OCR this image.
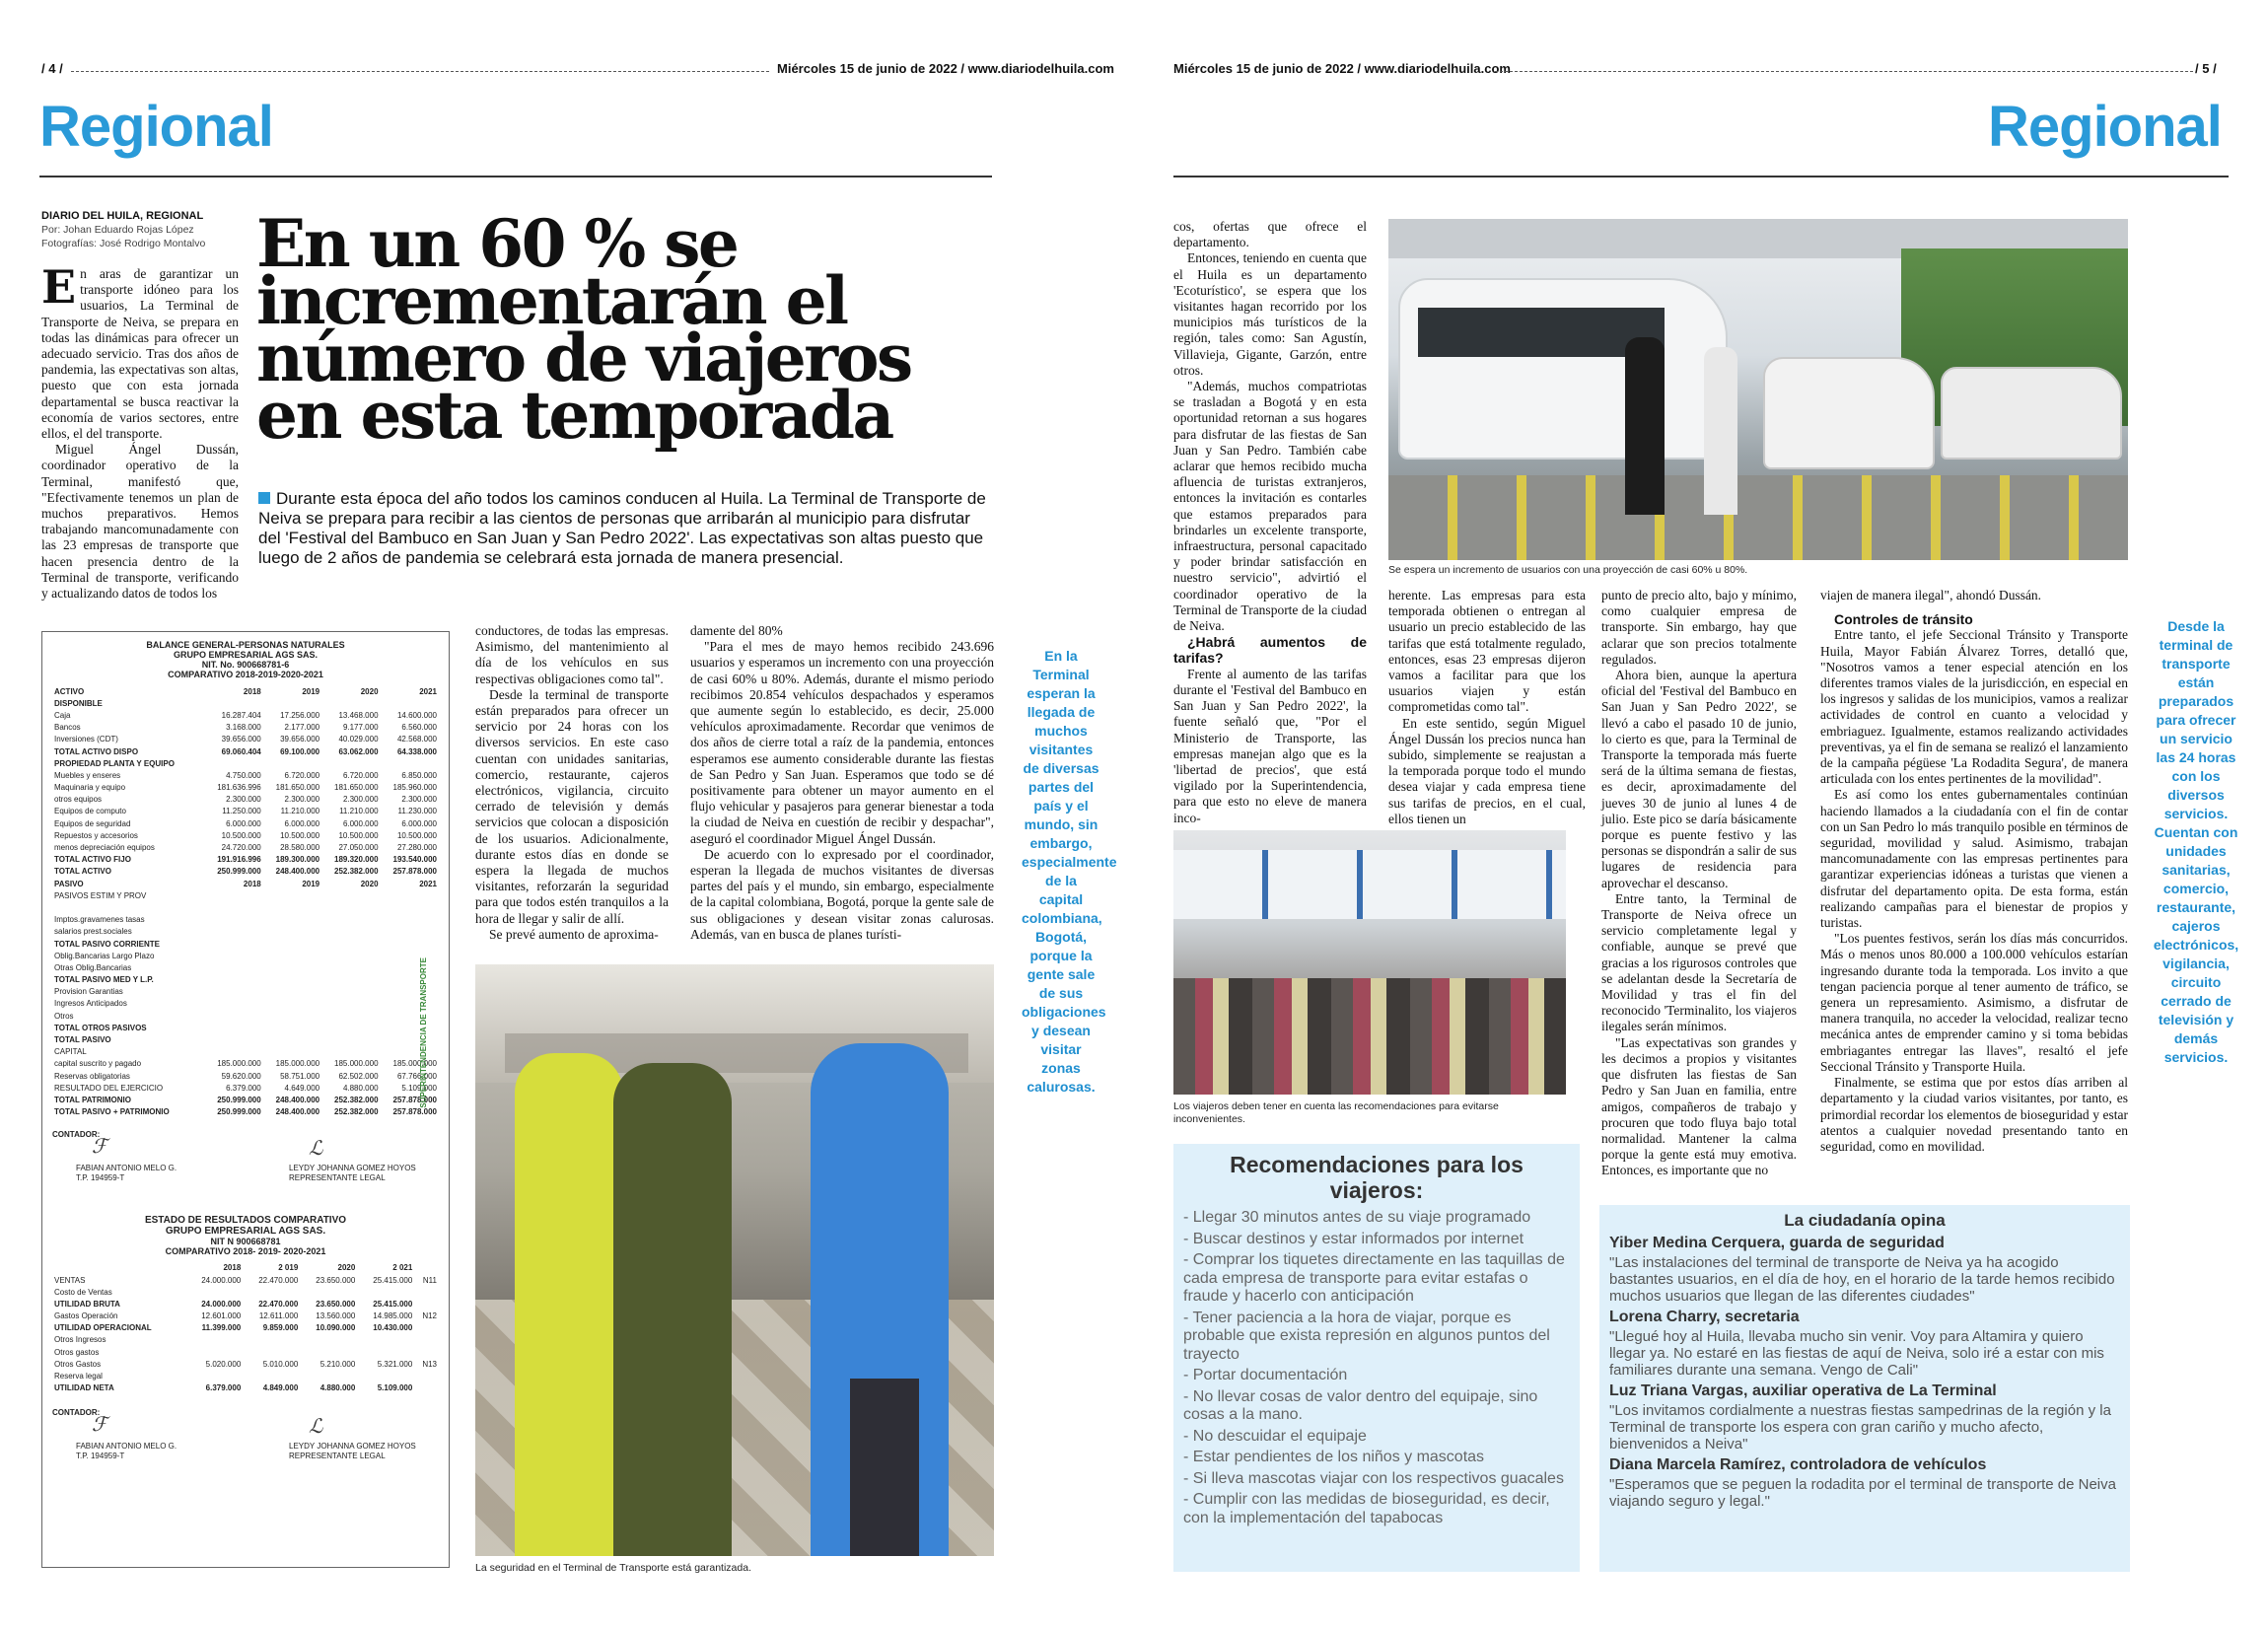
/ 4 /	Miércoles 15 de junio de 2022 / www.diariodelhuila.com
Regional
DIARIO DEL HUILA, REGIONAL
Por: Johan Eduardo Rojas López
Fotografías: José Rodrigo Montalvo

En aras de garantizar un transporte idóneo para los usuarios, La Terminal de Transporte de Neiva, se prepara en todas las dinámicas para ofrecer un adecuado servicio. Tras dos años de pandemia, las expectativas son altas, puesto que con esta jornada departamental se busca reactivar la economía de varios sectores, entre ellos, el del transporte.

Miguel Ángel Dussán, coordinador operativo de la Terminal, manifestó que, "Efectivamente tenemos un plan de muchos preparativos. Hemos trabajando mancomunadamente con las 23 empresas de transporte que hacen presencia dentro de la Terminal de transporte, verificando y actualizando datos de todos los

En un 60 % se incrementarán el número de viajeros en esta temporada
Durante esta época del año todos los caminos conducen al Huila. La Terminal de Transporte de Neiva se prepara para recibir a las cientos de personas que arribarán al municipio para disfrutar del 'Festival del Bambuco en San Juan y San Pedro 2022'. Las expectativas son altas puesto que luego de 2 años de pandemia se celebrará esta jornada de manera presencial.
BALANCE GENERAL-PERSONAS NATURALES
GRUPO EMPRESARIAL AGS SAS.
NIT. No. 900668781-6
COMPARATIVO 2018-2019-2020-2021
ACTIVO	2018	2019	2020	2021
DISPONIBLE				
Caja	16.287.404	17.256.000	13.468.000	14.600.000
Bancos	3.168.000	2.177.000	9.177.000	6.560.000
Inversiones (CDT)	39.656.000	39.656.000	40.029.000	42.568.000
TOTAL ACTIVO DISPO	69.060.404	69.100.000	63.062.000	64.338.000
PROPIEDAD PLANTA Y EQUIPO				
Muebles y enseres	4.750.000	6.720.000	6.720.000	6.850.000
Maquinaria y equipo	181.636.996	181.650.000	181.650.000	185.960.000
otros equipos	2.300.000	2.300.000	2.300.000	2.300.000
Equipos de computo	11.250.000	11.210.000	11.210.000	11.230.000
Equipos de seguridad	6.000.000	6.000.000	6.000.000	6.000.000
Repuestos y accesorios	10.500.000	10.500.000	10.500.000	10.500.000
menos depreciación equipos	24.720.000	28.580.000	27.050.000	27.280.000
TOTAL ACTIVO FIJO	191.916.996	189.300.000	189.320.000	193.540.000
TOTAL ACTIVO	250.999.000	248.400.000	252.382.000	257.878.000
PASIVO	2018	2019	2020	2021
PASIVOS ESTIM Y PROV				

Imptos.gravamenes tasas				
salarios prest.sociales				
TOTAL PASIVO CORRIENTE				
Oblig.Bancarias Largo Plazo				
Otras Oblig.Bancarias				
TOTAL PASIVO MED Y L.P.				
Provision Garantias				
Ingresos Anticipados				
Otros				
TOTAL OTROS PASIVOS				
TOTAL PASIVO				
CAPITAL				
capital suscrito y pagado	185.000.000	185.000.000	185.000.000	185.000.000
Reservas obligatorias	59.620.000	58.751.000	62.502.000	67.766.000
RESULTADO DEL EJERCICIO	6.379.000	4.649.000	4.880.000	5.109.000
TOTAL PATRIMONIO	250.999.000	248.400.000	252.382.000	257.878.000
TOTAL PASIVO + PATRIMONIO	250.999.000	248.400.000	252.382.000	257.878.000
CONTADOR:
ℱ
FABIAN ANTONIO MELO G.
T.P. 194959-T
ℒ
LEYDY JOHANNA GOMEZ HOYOS
REPRESENTANTE LEGAL
ESTADO DE RESULTADOS COMPARATIVO
GRUPO EMPRESARIAL AGS SAS.
NIT N 900668781
COMPARATIVO 2018- 2019- 2020-2021
	2018	2 019	2020	2 021	
VENTAS	24.000.000	22.470.000	23.650.000	25.415.000	N11
Costo de Ventas					
UTILIDAD BRUTA	24.000.000	22.470.000	23.650.000	25.415.000	
Gastos Operación	12.601.000	12.611.000	13.560.000	14.985.000	N12
UTILIDAD OPERACIONAL	11.399.000	9.859.000	10.090.000	10.430.000	
Otros Ingresos					
Otros gastos					
Otros Gastos	5.020.000	5.010.000	5.210.000	5.321.000	N13
Reserva legal					
UTILIDAD NETA	6.379.000	4.849.000	4.880.000	5.109.000	
CONTADOR:
ℱ
FABIAN ANTONIO MELO G.
T.P. 194959-T
ℒ
LEYDY JOHANNA GOMEZ HOYOS
REPRESENTANTE LEGAL
SUPERINTENDENCIA DE TRANSPORTE

conductores, de todas las empresas. Asimismo, del mantenimiento al día de los vehículos en sus respectivas obligaciones como tal".

Desde la terminal de transporte están preparados para ofrecer un servicio por 24 horas con los diversos servicios. En este caso cuentan con unidades sanitarias, comercio, restaurante, cajeros electrónicos, vigilancia, circuito cerrado de televisión y demás servicios que colocan a disposición de los usuarios. Adicionalmente, durante estos días en donde se espera la llegada de muchos visitantes, reforzarán la seguridad para que todos estén tranquilos a la hora de llegar y salir de allí.

Se prevé aumento de aproxima-

damente del 80%

"Para el mes de mayo hemos recibido 243.696 usuarios y esperamos un incremento con una proyección de casi 60% u 80%. Además, durante el mismo periodo recibimos 20.854 vehículos despachados y esperamos que aumente según lo establecido, es decir, 25.000 vehículos aproximadamente. Recordar que venimos de dos años de cierre total a raíz de la pandemia, entonces esperamos ese aumento considerable durante las fiestas de San Pedro y San Juan. Esperamos que todo se dé positivamente para obtener un mayor aumento en el flujo vehicular y pasajeros para generar bienestar a toda la ciudad de Neiva en cuestión de recibir y despachar", aseguró el coordinador Miguel Ángel Dussán.

De acuerdo con lo expresado por el coordinador, esperan la llegada de muchos visitantes de diversas partes del país y el mundo, sin embargo, especialmente de la capital colombiana, Bogotá, porque la gente sale de sus obligaciones y desean visitar zonas calurosas. Además, van en busca de planes turísti-

La seguridad en el Terminal de Transporte está garantizada.
En la Terminal esperan la llegada de muchos visitantes de diversas partes del país y el mundo, sin embargo, especialmente de la capital colombiana, Bogotá, porque la gente sale de sus obligaciones y desean visitar zonas calurosas.
Miércoles 15 de junio de 2022 / www.diariodelhuila.com	/ 5 /
Regional

cos, ofertas que ofrece el departamento.

Entonces, teniendo en cuenta que el Huila es un departamento 'Ecoturístico', se espera que los visitantes hagan recorrido por los municipios más turísticos de la región, tales como: San Agustín, Villavieja, Gigante, Garzón, entre otros.

"Además, muchos compatriotas se trasladan a Bogotá y en esta oportunidad retornan a sus hogares para disfrutar de las fiestas de San Juan y San Pedro. También cabe aclarar que hemos recibido mucha afluencia de turistas extranjeros, entonces la invitación es contarles que estamos preparados para brindarles un excelente transporte, infraestructura, personal capacitado y poder brindar satisfacción en nuestro servicio", advirtió el coordinador operativo de la Terminal de Transporte de la ciudad de Neiva.

¿Habrá aumentos de tarifas?

Frente al aumento de las tarifas durante el 'Festival del Bambuco en San Juan y San Pedro 2022', la fuente señaló que, "Por el Ministerio de Transporte, las empresas manejan algo que es la 'libertad de precios', que está vigilado por la Superintendencia, para que esto no eleve de manera inco-

Se espera un incremento de usuarios con una proyección de casi 60% u 80%.

herente. Las empresas para esta temporada obtienen o entregan al usuario un precio establecido de las tarifas que está totalmente regulado, entonces, esas 23 empresas dijeron vamos a facilitar para que los usuarios viajen y están comprometidas como tal".

En este sentido, según Miguel Ángel Dussán los precios nunca han subido, simplemente se reajustan a la temporada porque todo el mundo desea viajar y cada empresa tiene sus tarifas de precios, en el cual, ellos tienen un

punto de precio alto, bajo y mínimo, como cualquier empresa de transporte. Sin embargo, hay que aclarar que son precios totalmente regulados.

Ahora bien, aunque la apertura oficial del 'Festival del Bambuco en San Juan y San Pedro 2022', se llevó a cabo el pasado 10 de junio, lo cierto es que, para la Terminal de Transporte la temporada más fuerte será de la última semana de fiestas, es decir, aproximadamente del jueves 30 de junio al lunes 4 de julio. Este pico se daría básicamente porque es puente festivo y las personas se dispondrán a salir de sus lugares de residencia para aprovechar el descanso.

Entre tanto, la Terminal de Transporte de Neiva ofrece un servicio completamente legal y confiable, aunque se prevé que gracias a los rigurosos controles que se adelantan desde la Secretaría de Movilidad y tras el fin del reconocido 'Terminalito, los viajeros ilegales serán mínimos.

"Las expectativas son grandes y les decimos a propios y visitantes que disfruten las fiestas de San Pedro y San Juan en familia, entre amigos, compañeros de trabajo y procuren que todo fluya bajo total normalidad. Mantener la calma porque la gente está muy emotiva. Entonces, es importante que no

viajen de manera ilegal", ahondó Dussán.

Controles de tránsito

Entre tanto, el jefe Seccional Tránsito y Transporte Huila, Mayor Fabián Álvarez Torres, detalló que, "Nosotros vamos a tener especial atención en los diferentes tramos viales de la jurisdicción, en especial en los ingresos y salidas de los municipios, vamos a realizar actividades de control en cuanto a velocidad y embriaguez. Igualmente, estamos realizando actividades preventivas, ya el fin de semana se realizó el lanzamiento de la campaña pégüese 'La Rodadita Segura', de manera articulada con los entes pertinentes de la movilidad".

Es así como los entes gubernamentales continúan haciendo llamados a la ciudadanía con el fin de contar con un San Pedro lo más tranquilo posible en términos de seguridad, movilidad y salud. Asimismo, trabajan mancomunadamente con las empresas pertinentes para garantizar experiencias idóneas a turistas que vienen a disfrutar del departamento opita. De esta forma, están realizando campañas para el bienestar de propios y turistas.

"Los puentes festivos, serán los días más concurridos. Más o menos unos 80.000 a 100.000 vehículos estarían ingresando durante toda la temporada. Los invito a que tengan paciencia porque al tener aumento de tráfico, se genera un represamiento. Asimismo, a disfrutar de manera tranquila, no acceder la velocidad, realizar tecno mecánica antes de emprender camino y si toma bebidas embriagantes entregar las llaves", resaltó el jefe Seccional Tránsito y Transporte Huila.

Finalmente, se estima que por estos días arriben al departamento y la ciudad varios visitantes, por tanto, es primordial recordar los elementos de bioseguridad y estar atentos a cualquier novedad presentando tanto en seguridad, como en movilidad.

Los viajeros deben tener en cuenta las recomendaciones para evitarse inconvenientes.
Recomendaciones para los viajeros:
- Llegar 30 minutos antes de su viaje programado
- Buscar destinos y estar informados por internet
- Comprar los tiquetes directamente en las taquillas de cada empresa de transporte para evitar estafas o fraude y hacerlo con anticipación
- Tener paciencia a la hora de viajar, porque es probable que exista represión en algunos puntos del trayecto
- Portar documentación
- No llevar cosas de valor dentro del equipaje, sino cosas a la mano.
- No descuidar el equipaje
- Estar pendientes de los niños y mascotas
- Si lleva mascotas viajar con los respectivos guacales
- Cumplir con las medidas de bioseguridad, es decir, con la implementación del tapabocas
La ciudadanía opina
Yiber Medina Cerquera, guarda de seguridad
"Las instalaciones del terminal de transporte de Neiva ya ha acogido bastantes usuarios, en el día de hoy, en el horario de la tarde hemos recibido muchos usuarios que llegan de las diferentes ciudades"
Lorena Charry, secretaria
"Llegué hoy al Huila, llevaba mucho sin venir. Voy para Altamira y quiero llegar ya. No estaré en las fiestas de aquí de Neiva, solo iré a estar con mis familiares durante una semana. Vengo de Cali"
Luz Triana Vargas, auxiliar operativa de La Terminal
"Los invitamos cordialmente a nuestras fiestas sampedrinas de la región y la Terminal de transporte los espera con gran cariño y mucho afecto, bienvenidos a Neiva"
Diana Marcela Ramírez, controladora de vehículos
"Esperamos que se peguen la rodadita por el terminal de transporte de Neiva viajando seguro y legal."
Desde la terminal de transporte están preparados para ofrecer un servicio las 24 horas con los diversos servicios. Cuentan con unidades sanitarias, comercio, restaurante, cajeros electrónicos, vigilancia, circuito cerrado de televisión y demás servicios.
